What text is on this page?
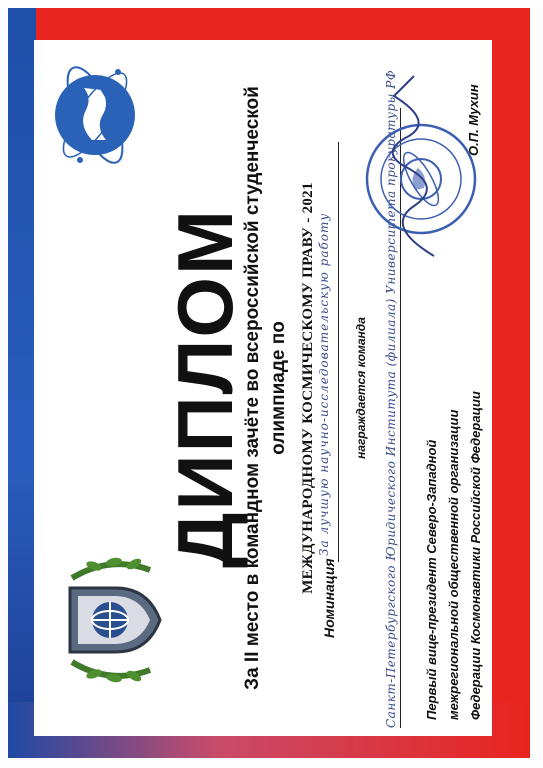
ДИПЛОМ
За II место в командном зачёте во всероссийской студенческой олимпиаде по МЕЖДУНАРОДНОМУ КОСМИЧЕСКОМУ ПРАВУ - 2021
Номинация
За лучшую научно-исследовательскую работу награждается команда Санкт-Петербургского Юридического Института (филиала) Университета прокуратуры РФ Первый вице-президент Северо-Западной межрегиональной общественной организации Федерации Космонавтики Российской Федерации
О.П. Мухин
